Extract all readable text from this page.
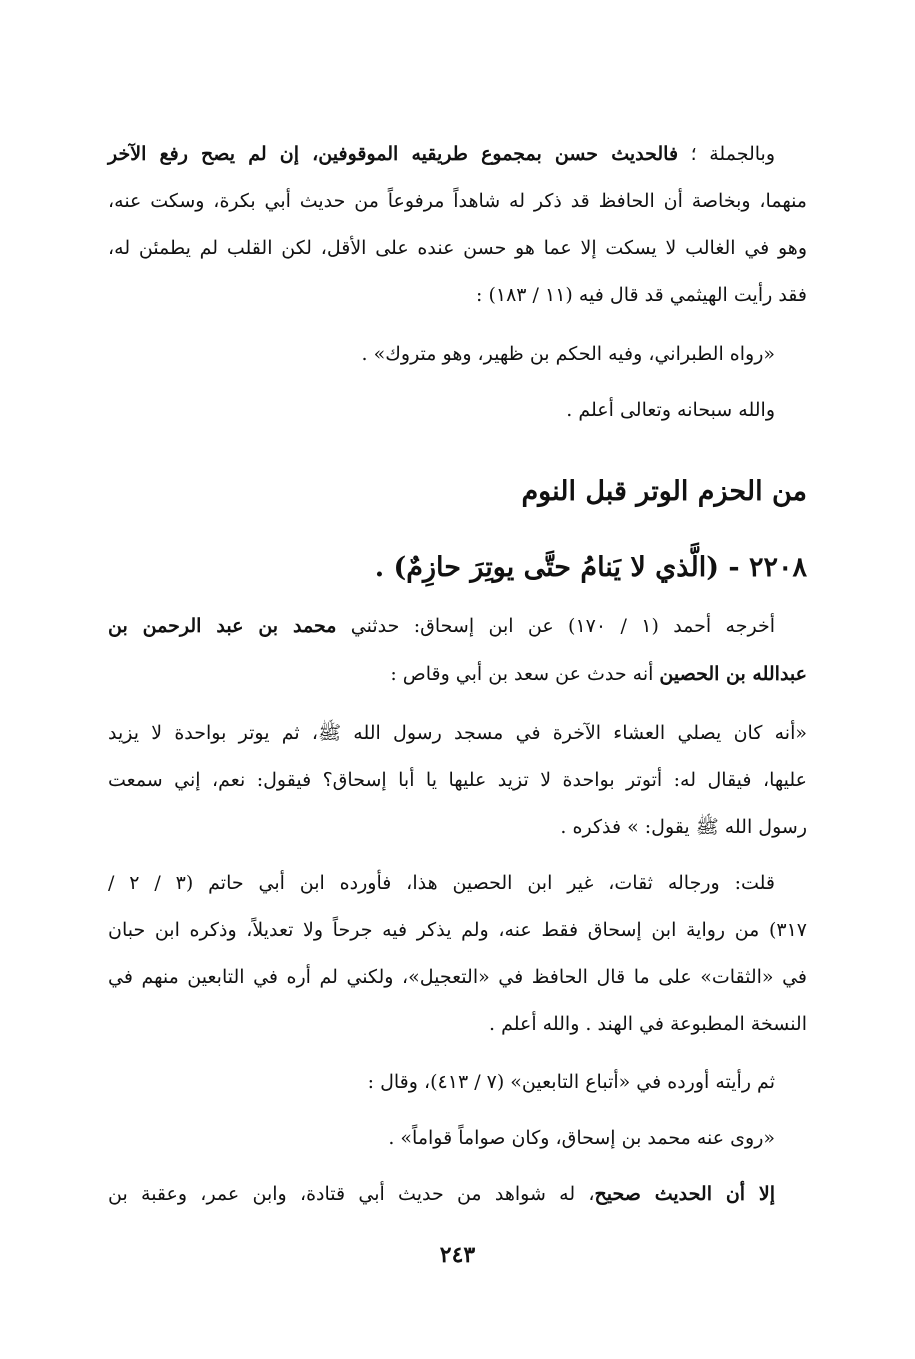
وبالجملة ؛ فالحديث حسن بمجموع طريقيه الموقوفين، إن لم يصح رفع الآخر
منهما، وبخاصة أن الحافظ قد ذكر له شاهداً مرفوعاً من حديث أبي بكرة، وسكت عنه،
وهو في الغالب لا يسكت إلا عما هو حسن عنده على الأقل، لكن القلب لم يطمئن له،
فقد رأيت الهيثمي قد قال فيه (١١ / ١٨٣) :
«رواه الطبراني، وفيه الحكم بن ظهير، وهو متروك» .
والله سبحانه وتعالى أعلم .
أخرجه أحمد (١ / ١٧٠) عن ابن إسحاق: حدثني محمد بن عبد الرحمن بن
عبدالله بن الحصين أنه حدث عن سعد بن أبي وقاص :
«أنه كان يصلي العشاء الآخرة في مسجد رسول الله ﷺ، ثم يوتر بواحدة لا يزيد
عليها، فيقال له: أتوتر بواحدة لا تزيد عليها يا أبا إسحاق؟ فيقول: نعم، إني سمعت
رسول الله ﷺ يقول: » فذكره .
قلت: ورجاله ثقات، غير ابن الحصين هذا، فأورده ابن أبي حاتم (٣ / ٢ /
٣١٧) من رواية ابن إسحاق فقط عنه، ولم يذكر فيه جرحاً ولا تعديلاً، وذكره ابن حبان
في «الثقات» على ما قال الحافظ في «التعجيل»، ولكني لم أره في التابعين منهم في
النسخة المطبوعة في الهند . والله أعلم .
ثم رأيته أورده في «أتباع التابعين» (٧ / ٤١٣)، وقال :
«روى عنه محمد بن إسحاق، وكان صواماً قواماً» .
إلا أن الحديث صحيح، له شواهد من حديث أبي قتادة، وابن عمر، وعقبة بن
من الحزم الوتر قبل النوم
٢٢٠٨ - (الَّذي لا يَنامُ حتَّى يوتِرَ حازِمٌ) .
٢٤٣
